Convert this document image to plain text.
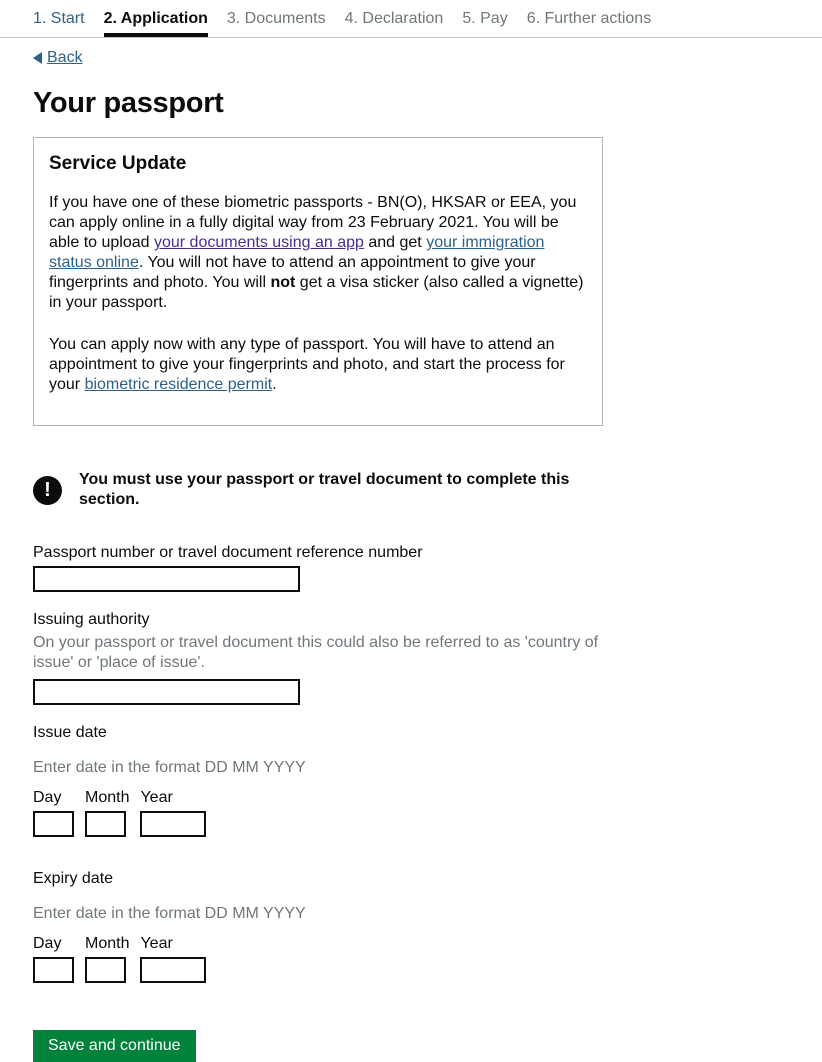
1. Start 2. Application 3. Documents 4. Declaration 5. Pay 6. Further actions
Back
Your passport
Service Update

If you have one of these biometric passports - BN(O), HKSAR or EEA, you can apply online in a fully digital way from 23 February 2021. You will be able to upload your documents using an app and get your immigration status online. You will not have to attend an appointment to give your fingerprints and photo. You will not get a visa sticker (also called a vignette) in your passport.

You can apply now with any type of passport. You will have to attend an appointment to give your fingerprints and photo, and start the process for your biometric residence permit.

!	You must use your passport or travel document to complete this section.
Passport number or travel document reference number
Issuing authority
On your passport or travel document this could also be referred to as 'country of issue' or 'place of issue'.
Issue date
Enter date in the format DD MM YYYY
Day	Month Year
Expiry date
Enter date in the format DD MM YYYY
Day	Month Year
Save and continue
